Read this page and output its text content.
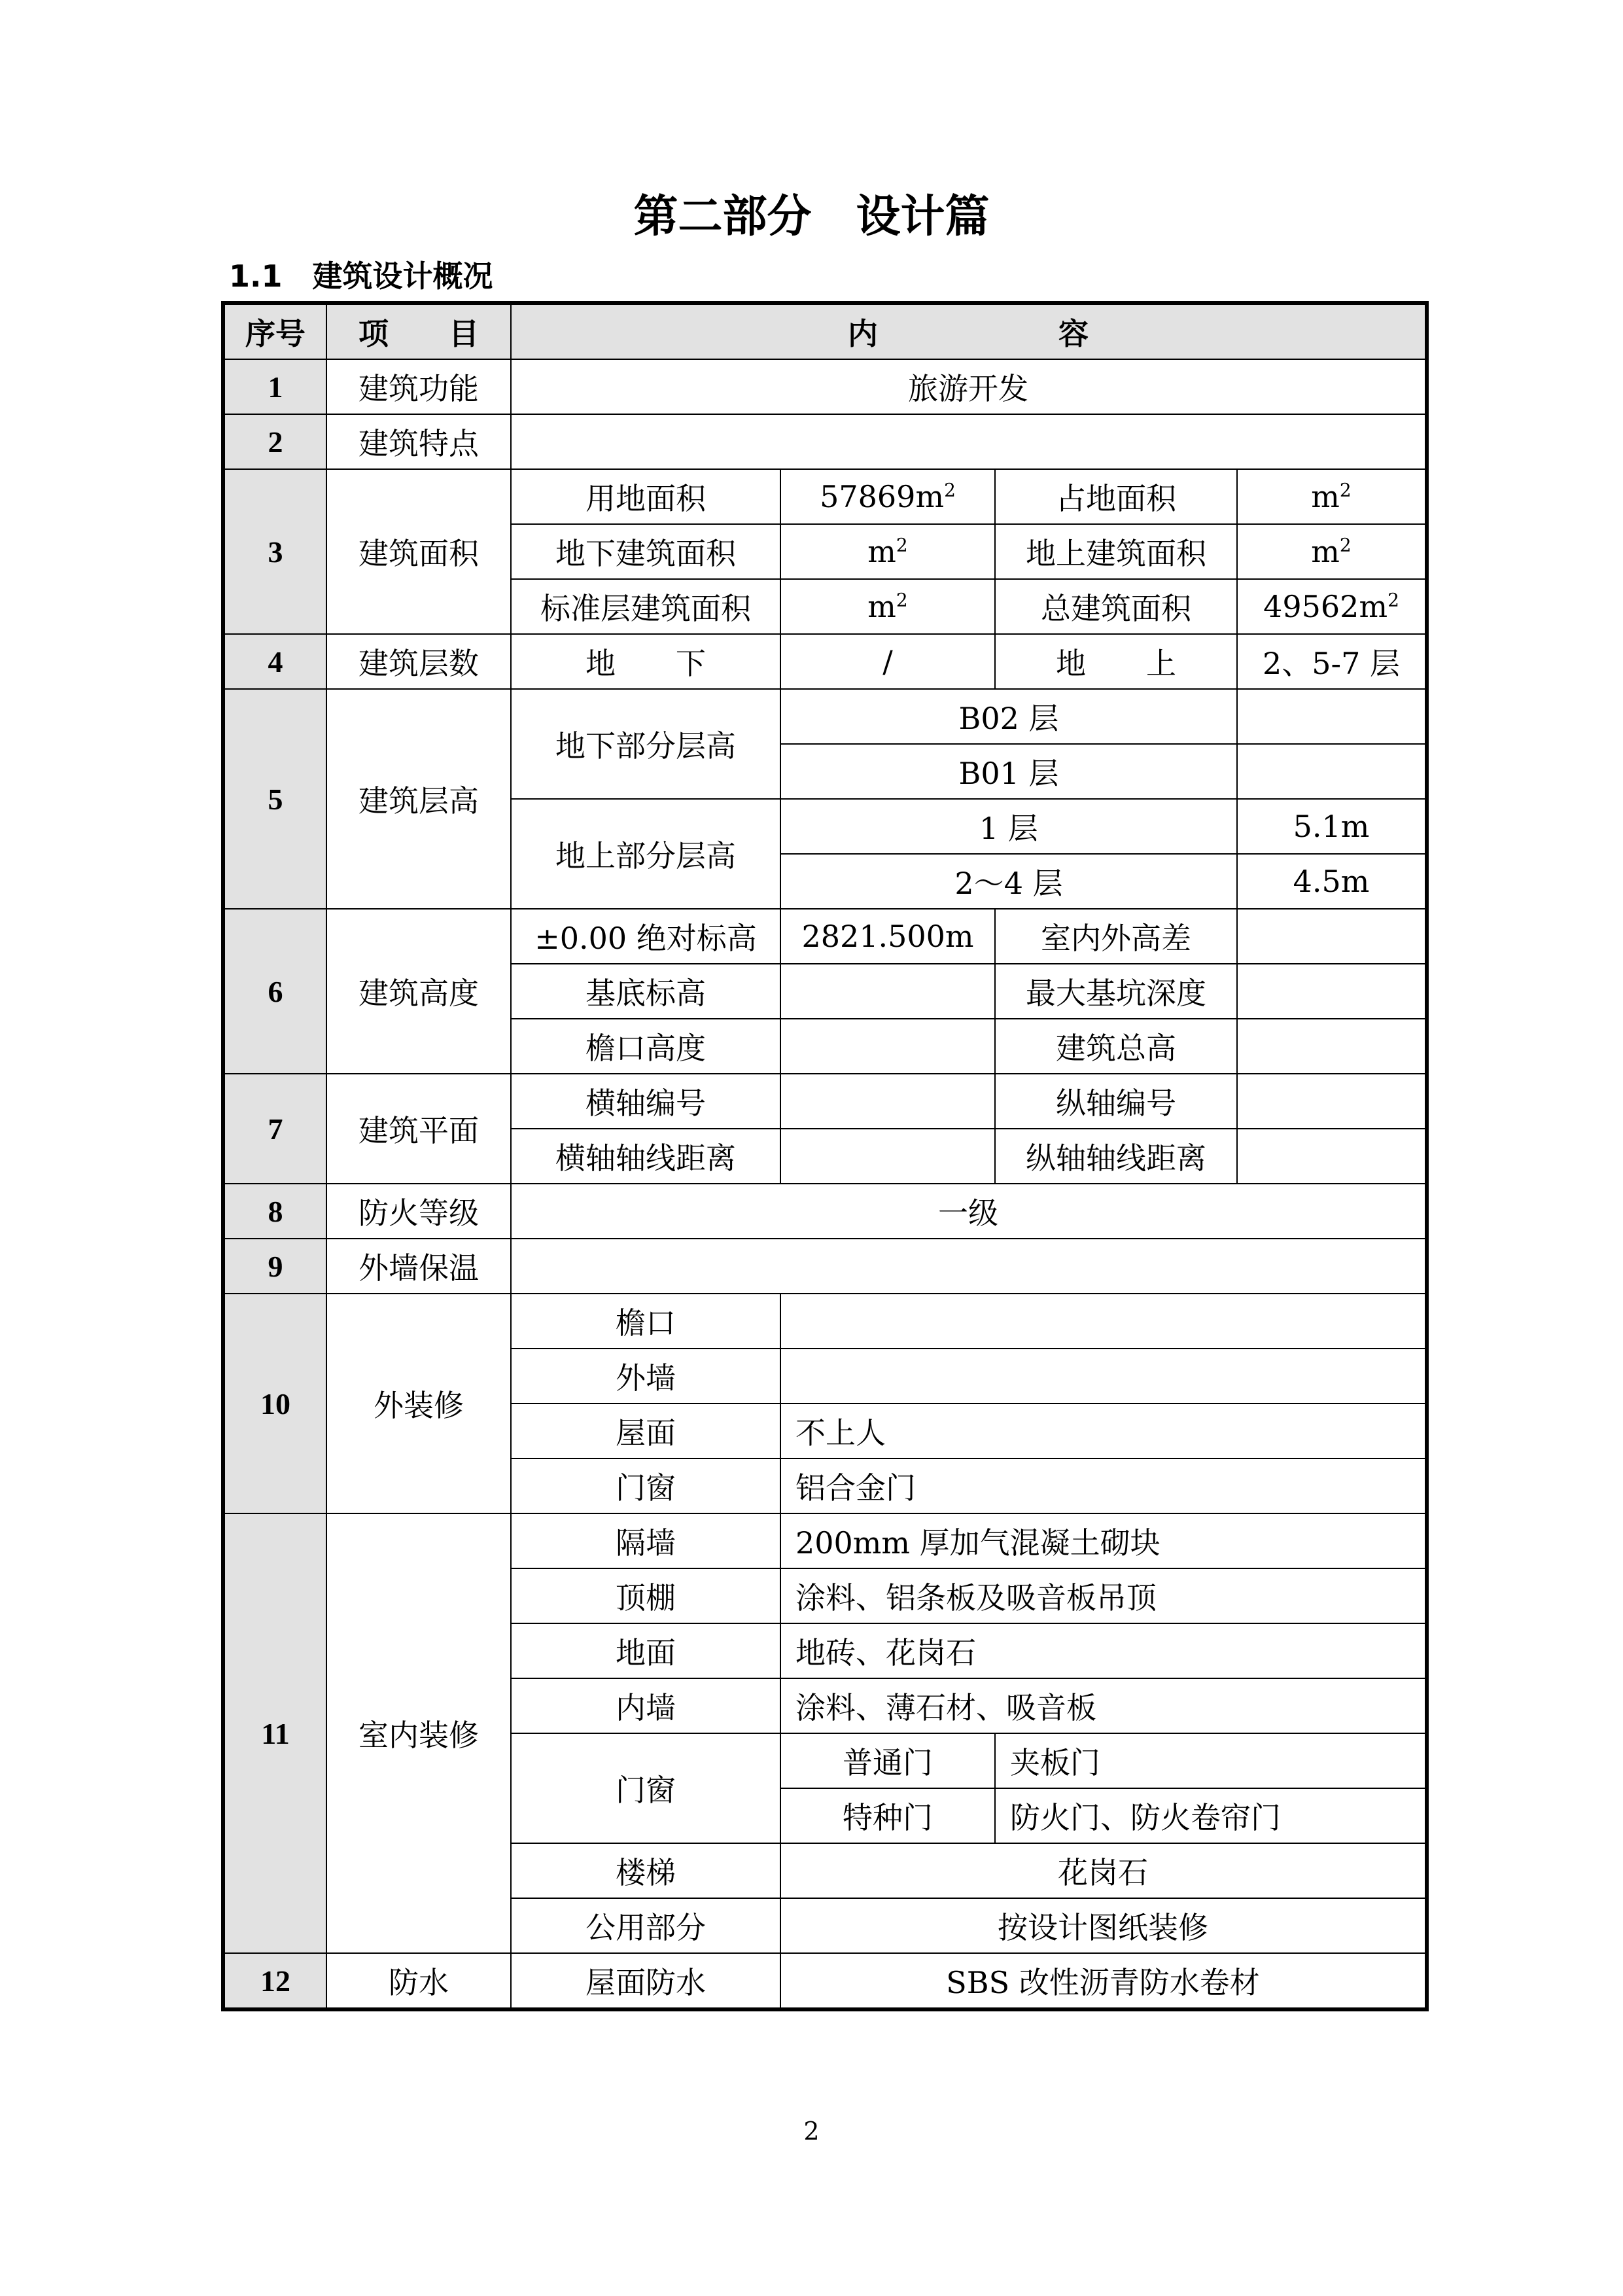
第二部分　设计篇
1.1　建筑设计概况
序号	项　　目	内　　　　　　容			
1	建筑功能	旅游开发			
2	建筑特点				
3	建筑面积	用地面积	$57869m^2$	占地面积	$m^2$
		地下建筑面积	$m^2$	地上建筑面积	$m^2$
		标准层建筑面积	$m^2$	总建筑面积	$49562m^2$
4	建筑层数	地　　下	/	地　　上	2、5-7 层
5	建筑层高	地下部分层高	B02 层		
			B01 层		
		地上部分层高	1 层		5.1m
			2～4 层		4.5m
6	建筑高度	±0.00 绝对标高	2821.500m	室内外高差	
		基底标高		最大基坑深度	
		檐口高度		建筑总高	
7	建筑平面	横轴编号		纵轴编号	
		横轴轴线距离		纵轴轴线距离	
8	防火等级	一级			
9	外墙保温				
10	外装修	檐口			
		外墙			
		屋面	不上人		
		门窗	铝合金门		
11	室内装修	隔墙	200mm 厚加气混凝土砌块		
		顶棚	涂料、铝条板及吸音板吊顶		
		地面	地砖、花岗石		
		内墙	涂料、薄石材、吸音板		
		门窗	普通门	夹板门	
			特种门	防火门、防火卷帘门	
		楼梯	花岗石		
		公用部分	按设计图纸装修		
12	防水	屋面防水	SBS 改性沥青防水卷材		
2
